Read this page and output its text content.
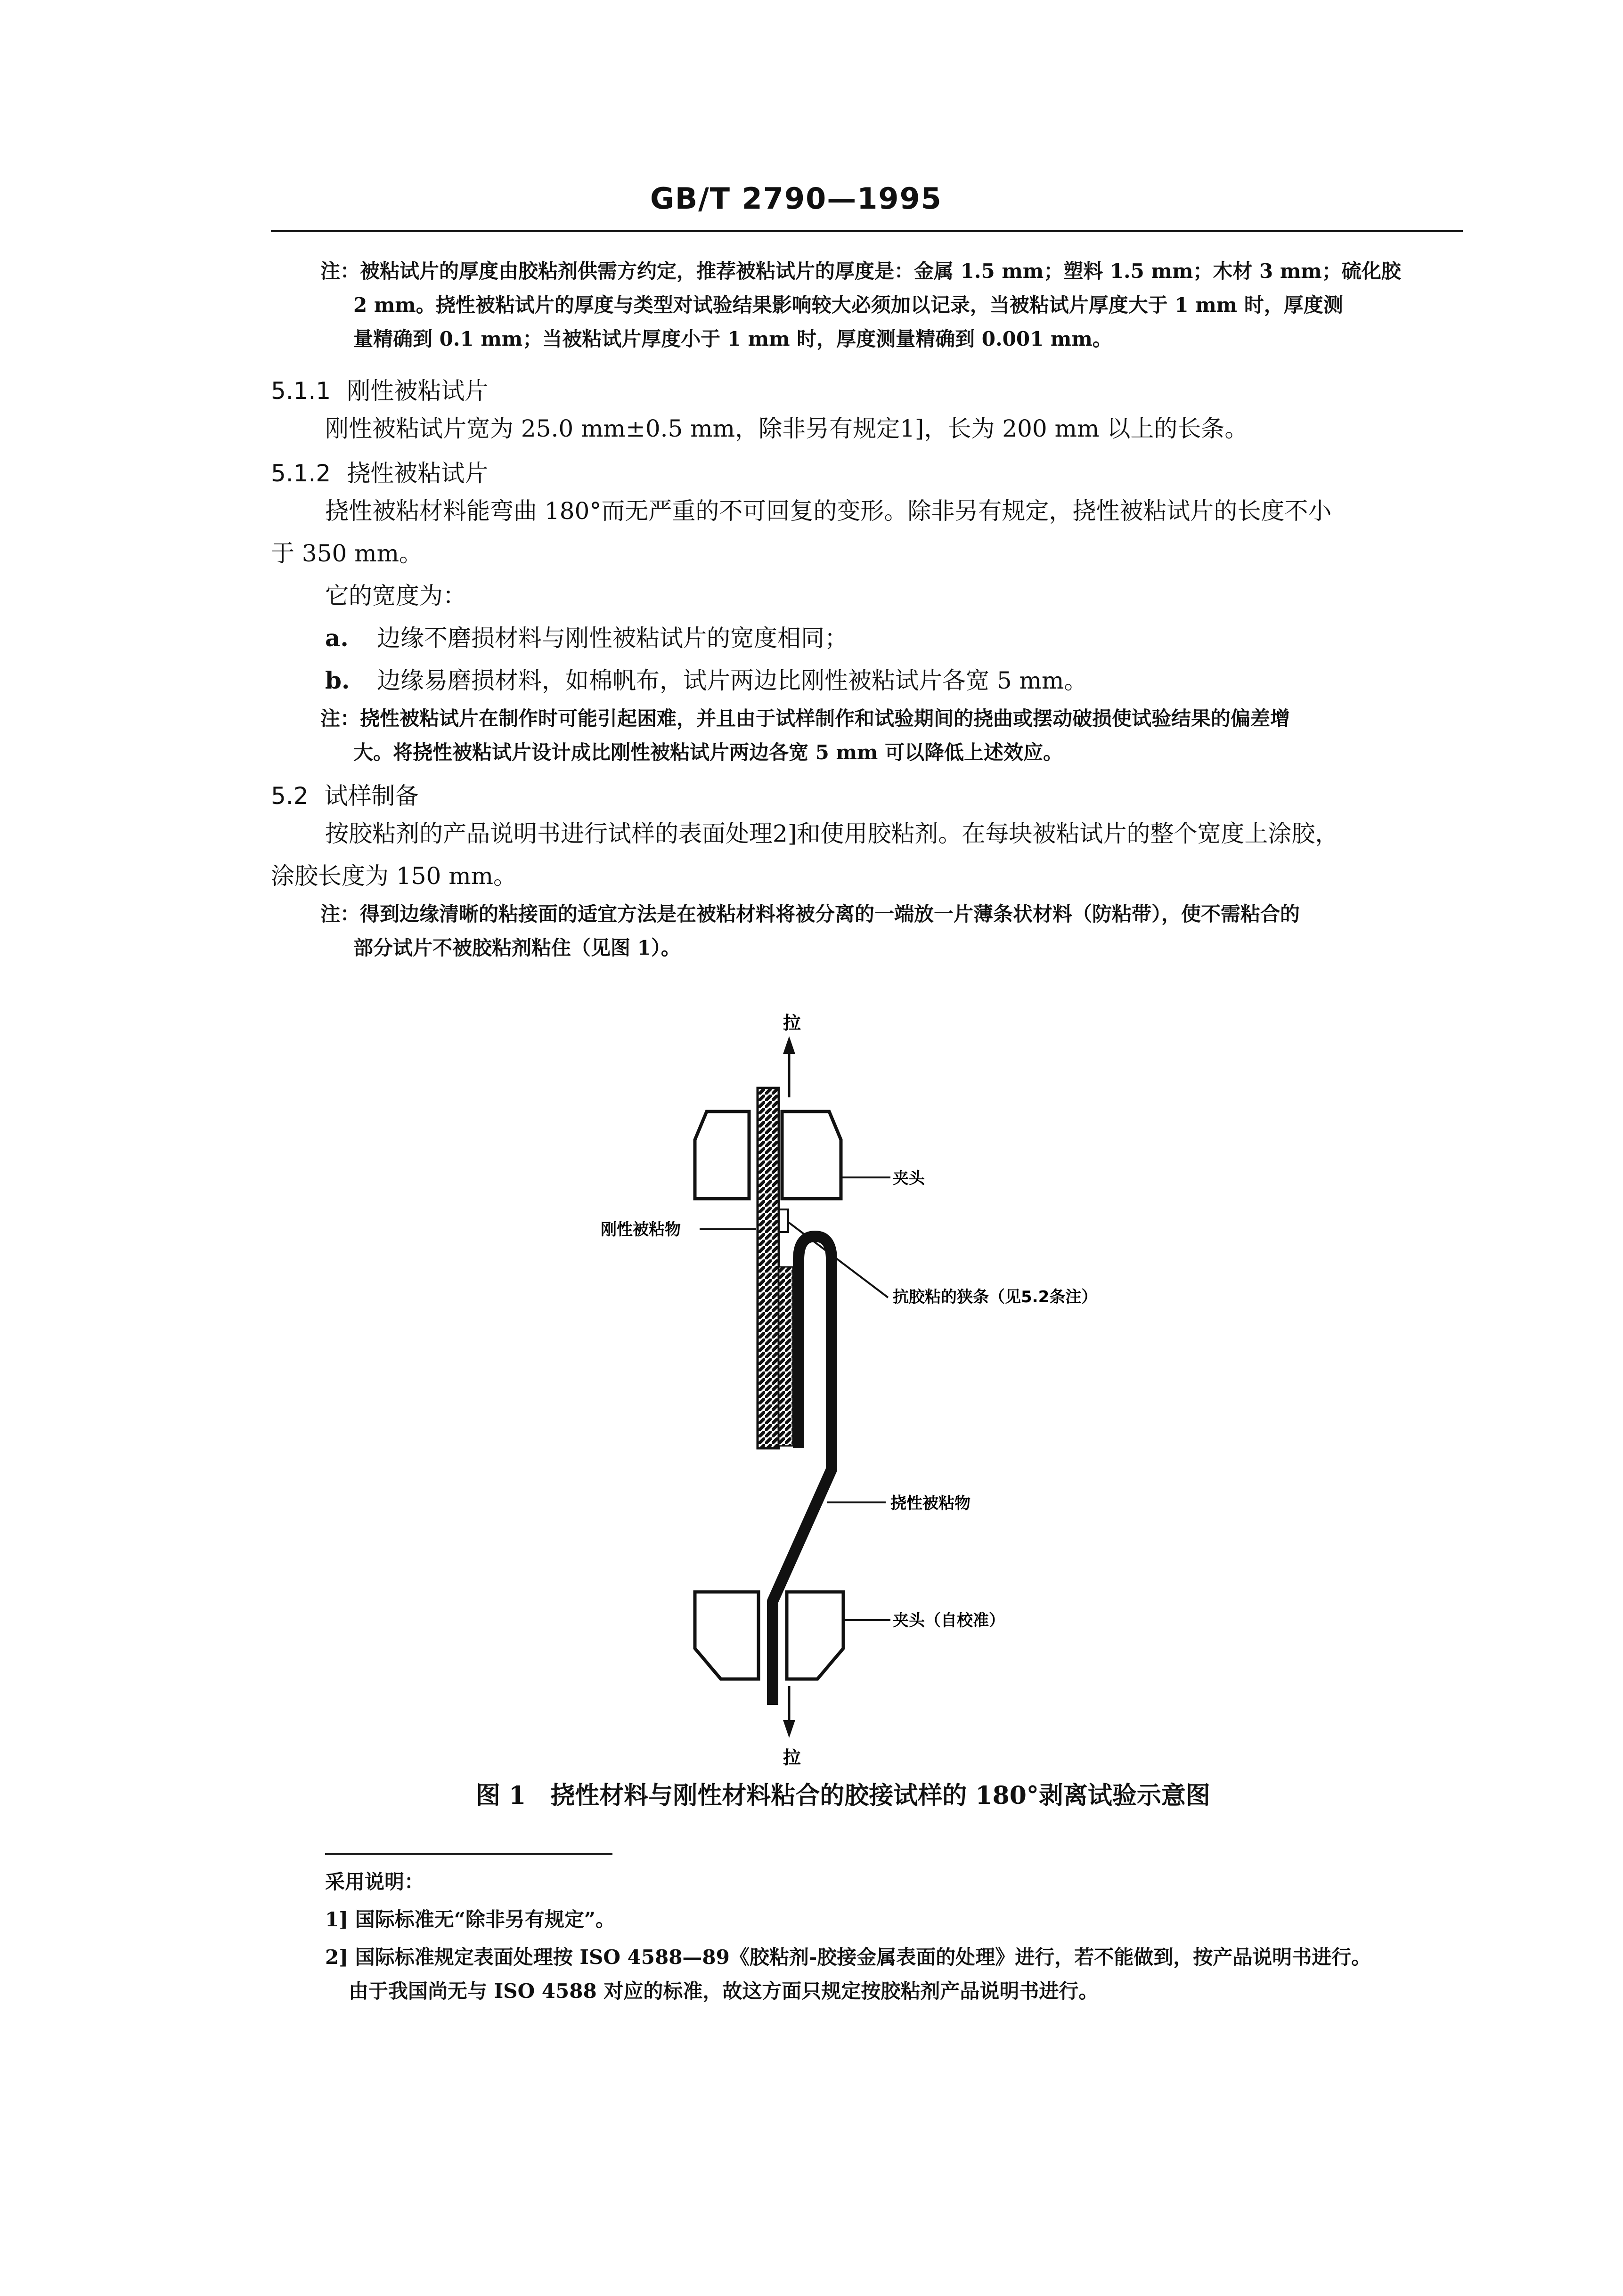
GB/T 2790—1995
注：被粘试片的厚度由胶粘剂供需方约定，推荐被粘试片的厚度是：金属 1.5 mm；塑料 1.5 mm；木材 3 mm；硫化胶
2 mm。挠性被粘试片的厚度与类型对试验结果影响较大必须加以记录，当被粘试片厚度大于 1 mm 时，厚度测
量精确到 0.1 mm；当被粘试片厚度小于 1 mm 时，厚度测量精确到 0.001 mm。
5.1.1 刚性被粘试片
刚性被粘试片宽为 25.0 mm±0.5 mm，除非另有规定1]，长为 200 mm 以上的长条。
5.1.2 挠性被粘试片
挠性被粘材料能弯曲 180°而无严重的不可回复的变形。除非另有规定，挠性被粘试片的长度不小
于 350 mm。
它的宽度为：
a. 边缘不磨损材料与刚性被粘试片的宽度相同；
b. 边缘易磨损材料，如棉帆布，试片两边比刚性被粘试片各宽 5 mm。
注：挠性被粘试片在制作时可能引起困难，并且由于试样制作和试验期间的挠曲或摆动破损使试验结果的偏差增
大。将挠性被粘试片设计成比刚性被粘试片两边各宽 5 mm 可以降低上述效应。
5.2 试样制备
按胶粘剂的产品说明书进行试样的表面处理2]和使用胶粘剂。在每块被粘试片的整个宽度上涂胶，
涂胶长度为 150 mm。
注：得到边缘清晰的粘接面的适宜方法是在被粘材料将被分离的一端放一片薄条状材料（防粘带），使不需粘合的
部分试片不被胶粘剂粘住（见图 1）。
拉
拉
夹头
刚性被粘物
抗胶粘的狭条（见5.2条注）
挠性被粘物
夹头（自校准）
图 1　挠性材料与刚性材料粘合的胶接试样的 180°剥离试验示意图
采用说明：
1] 国际标准无“除非另有规定”。
2] 国际标准规定表面处理按 ISO 4588—89《胶粘剂-胶接金属表面的处理》进行，若不能做到，按产品说明书进行。
由于我国尚无与 ISO 4588 对应的标准，故这方面只规定按胶粘剂产品说明书进行。
